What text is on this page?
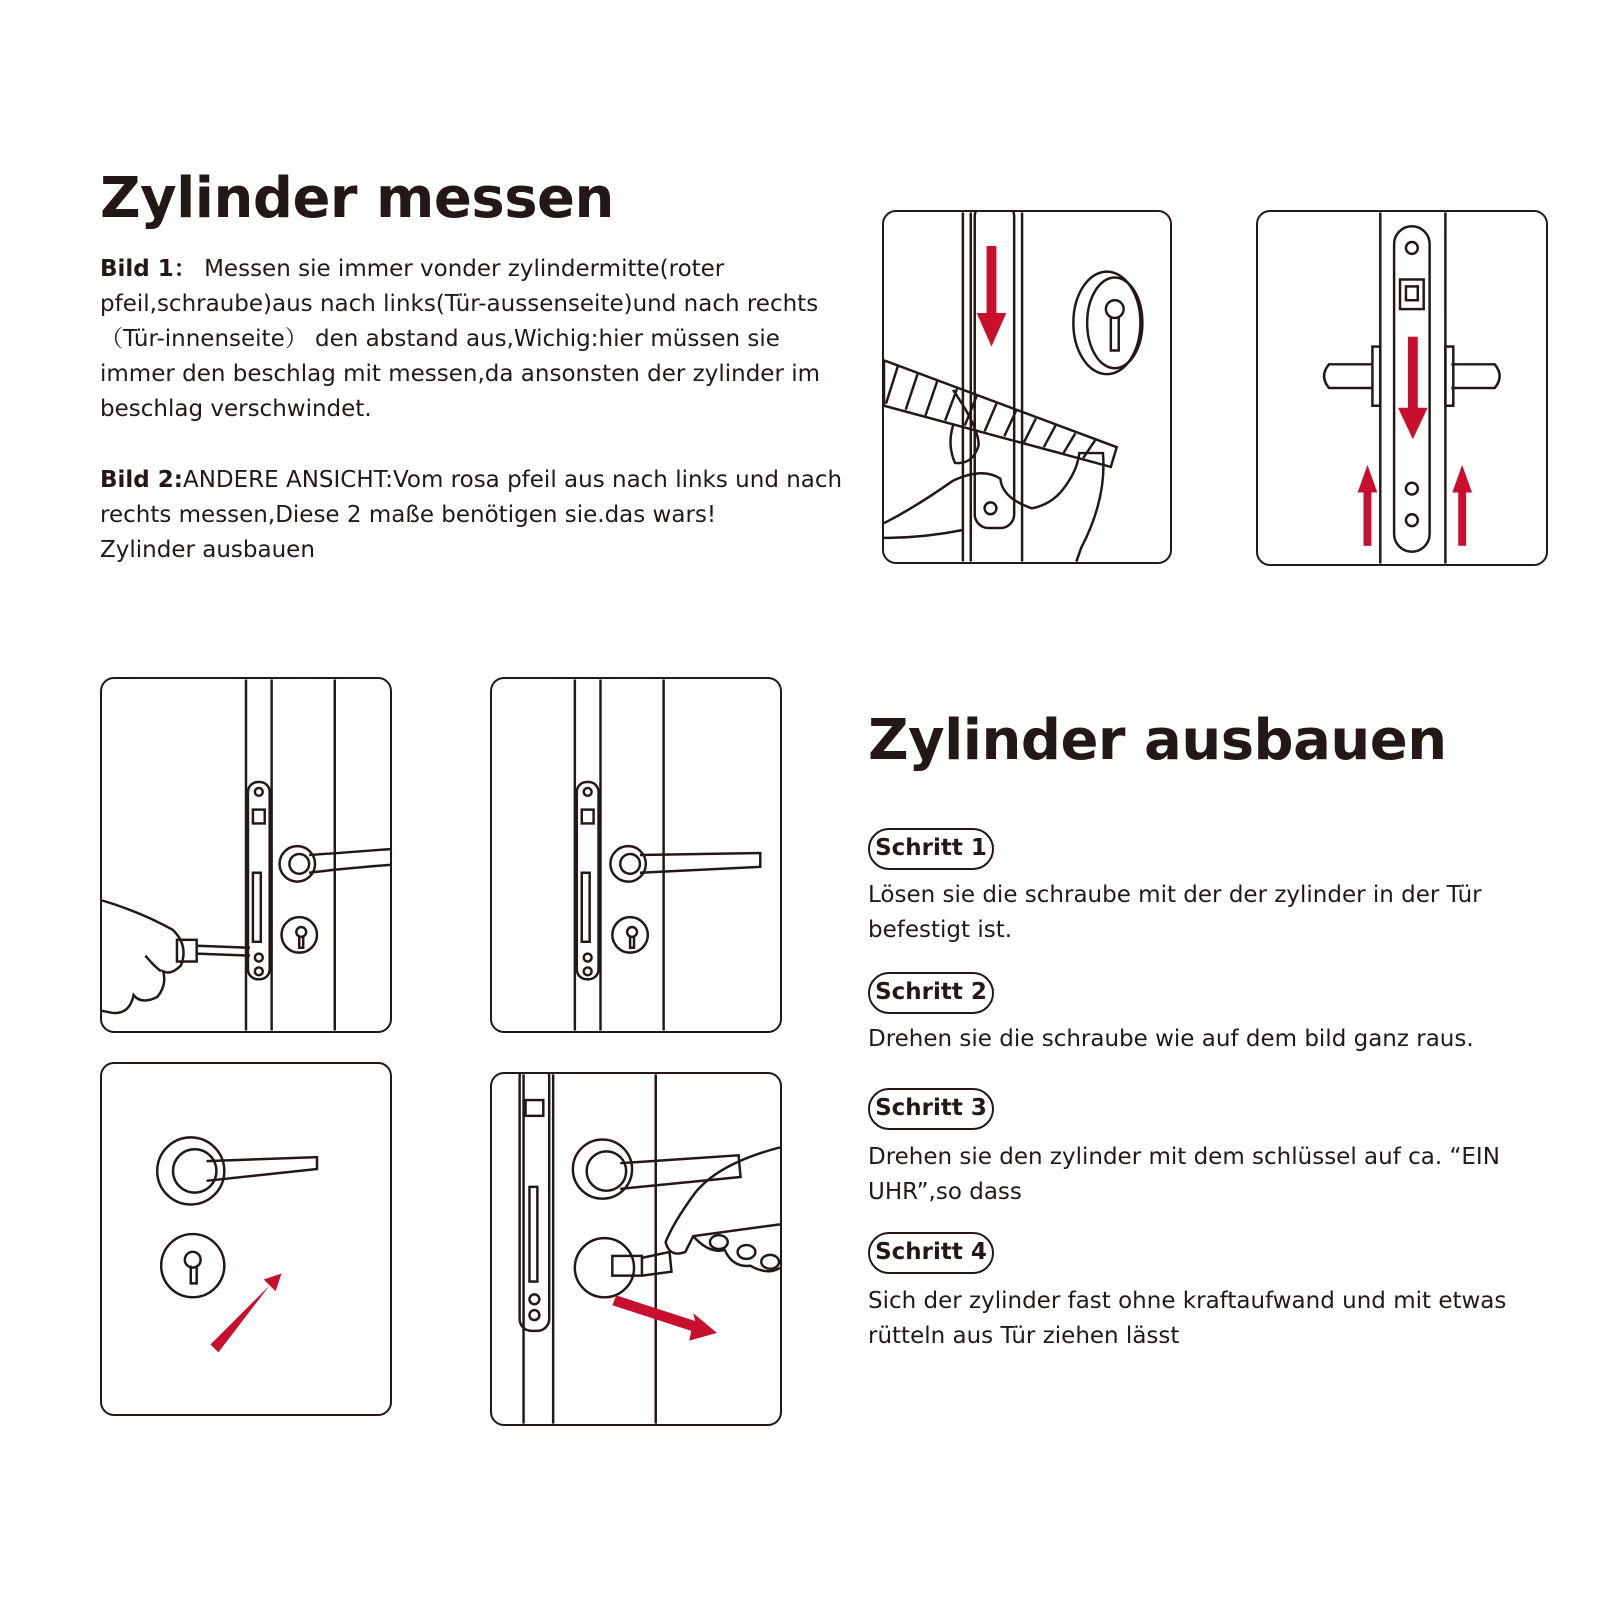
Zylinder messen
Bild 1： Messen sie immer vonder zylindermitte(roter pfeil,schraube)aus nach links(Tür-aussenseite)und nach rechts （Tür-innenseite） den abstand aus,Wichig:hier müssen sie immer den beschlag mit messen,da ansonsten der zylinder im beschlag verschwindet.
Bild 2:ANDERE ANSICHT:Vom rosa pfeil aus nach links und nach rechts messen,Diese 2 maße benötigen sie.das wars!
Zylinder ausbauen
Zylinder ausbauen
Schritt 1
Lösen sie die schraube mit der der zylinder in der Tür befestigt ist.
Schritt 2
Drehen sie die schraube wie auf dem bild ganz raus.
Schritt 3
Drehen sie den zylinder mit dem schlüssel auf ca. “EIN UHR”,so dass
Schritt 4
Sich der zylinder fast ohne kraftaufwand und mit etwas rütteln aus Tür ziehen lässt
